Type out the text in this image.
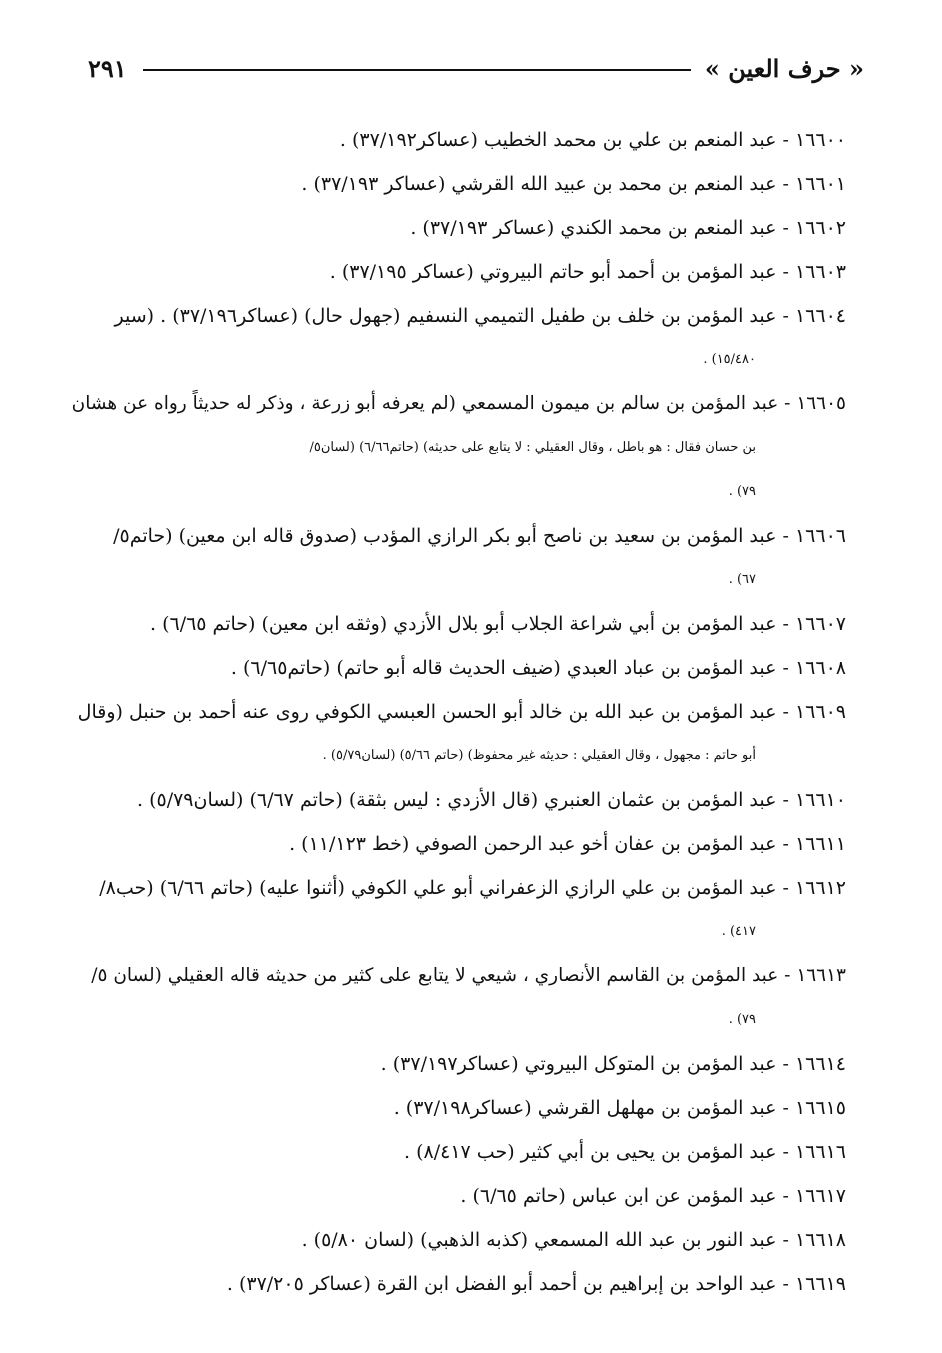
« حرف العين »
٢٩١
١٦٦٠٠ - عبد المنعم بن علي بن محمد الخطيب (عساكر٣٧/١٩٢) .
١٦٦٠١ - عبد المنعم بن محمد بن عبيد الله القرشي (عساكر ٣٧/١٩٣) .
١٦٦٠٢ - عبد المنعم بن محمد الكندي (عساكر ٣٧/١٩٣) .
١٦٦٠٣ - عبد المؤمن بن أحمد أبو حاتم البيروتي (عساكر ٣٧/١٩٥) .
١٦٦٠٤ - عبد المؤمن بن خلف بن طفيل التميمي النسفيم (جهول حال) (عساكر٣٧/١٩٦) . (سير
١٥/٤٨٠) .
١٦٦٠٥ - عبد المؤمن بن سالم بن ميمون المسمعي (لم يعرفه أبو زرعة ، وذكر له حديثاً رواه عن هشان
بن حسان فقال : هو باطل ، وقال العقيلي : لا يتابع على حديثه) (حاتم٦/٦٦) (لسان٥/
٧٩) .
١٦٦٠٦ - عبد المؤمن بن سعيد بن ناصح أبو بكر الرازي المؤدب (صدوق قاله ابن معين) (حاتم٥/
٦٧) .
١٦٦٠٧ - عبد المؤمن بن أبي شراعة الجلاب أبو بلال الأزدي (وثقه ابن معين) (حاتم ٦/٦٥) .
١٦٦٠٨ - عبد المؤمن بن عباد العبدي (ضيف الحديث قاله أبو حاتم) (حاتم٦/٦٥) .
١٦٦٠٩ - عبد المؤمن بن عبد الله بن خالد أبو الحسن العبسي الكوفي روى عنه أحمد بن حنبل (وقال
أبو حاتم : مجهول ، وقال العقيلي : حديثه غير محفوظ) (حاتم ٥/٦٦) (لسان٥/٧٩) .
١٦٦١٠ - عبد المؤمن بن عثمان العنبري (قال الأزدي : ليس بثقة) (حاتم ٦/٦٧) (لسان٥/٧٩) .
١٦٦١١ - عبد المؤمن بن عفان أخو عبد الرحمن الصوفي (خط ١١/١٢٣) .
١٦٦١٢ - عبد المؤمن بن علي الرازي الزعفراني أبو علي الكوفي (أثنوا عليه) (حاتم ٦/٦٦) (حب٨/
٤١٧) .
١٦٦١٣ - عبد المؤمن بن القاسم الأنصاري ، شيعي لا يتابع على كثير من حديثه قاله العقيلي (لسان ٥/
٧٩) .
١٦٦١٤ - عبد المؤمن بن المتوكل البيروتي (عساكر٣٧/١٩٧) .
١٦٦١٥ - عبد المؤمن بن مهلهل القرشي (عساكر٣٧/١٩٨) .
١٦٦١٦ - عبد المؤمن بن يحيى بن أبي كثير (حب ٨/٤١٧) .
١٦٦١٧ - عبد المؤمن عن ابن عباس (حاتم ٦/٦٥) .
١٦٦١٨ - عبد النور بن عبد الله المسمعي (كذبه الذهبي) (لسان ٥/٨٠) .
١٦٦١٩ - عبد الواحد بن إبراهيم بن أحمد أبو الفضل ابن القرة (عساكر ٣٧/٢٠٥) .
